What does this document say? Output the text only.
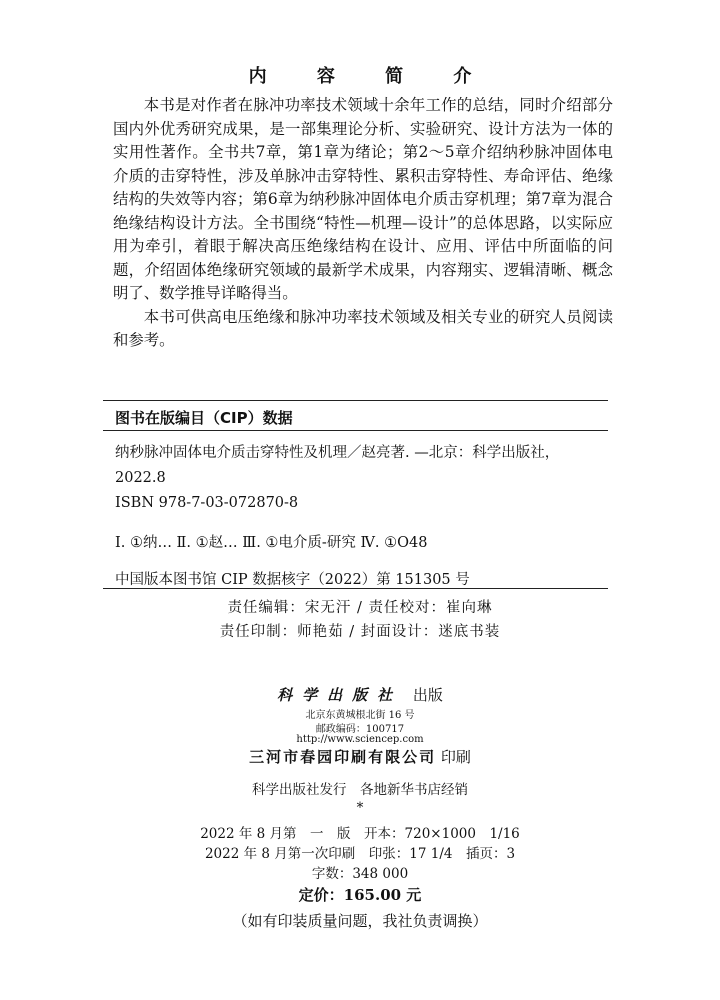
内 容 简 介

本书是对作者在脉冲功率技术领域十余年工作的总结，同时介绍部分国内外优秀研究成果，是一部集理论分析、实验研究、设计方法为一体的实用性著作。全书共7章，第1章为绪论；第2～5章介绍纳秒脉冲固体电介质的击穿特性，涉及单脉冲击穿特性、累积击穿特性、寿命评估、绝缘结构的失效等内容；第6章为纳秒脉冲固体电介质击穿机理；第7章为混合绝缘结构设计方法。全书围绕“特性—机理—设计”的总体思路，以实际应用为牵引，着眼于解决高压绝缘结构在设计、应用、评估中所面临的问题，介绍固体绝缘研究领域的最新学术成果，内容翔实、逻辑清晰、概念明了、数学推导详略得当。

本书可供高电压绝缘和脉冲功率技术领域及相关专业的研究人员阅读和参考。

图书在版编目（CIP）数据
纳秒脉冲固体电介质击穿特性及机理／赵亮著. —北京：科学出版社，2022.8
ISBN 978-7-03-072870-8
Ⅰ. ①纳… Ⅱ. ①赵… Ⅲ. ①电介质-研究 Ⅳ. ①O48
中国版本图书馆 CIP 数据核字（2022）第 151305 号
责任编辑：宋无汗 / 责任校对：崔向琳
责任印制：师艳茹 / 封面设计：迷底书装
科学出版社 出版
北京东黄城根北街 16 号
邮政编码：100717
http://www.sciencep.com
三河市春园印刷有限公司 印刷
科学出版社发行　各地新华书店经销
*
2022 年 8 月第　一　版　开本：720×1000　1/16
2022 年 8 月第一次印刷　印张：17 1/4　插页：3
字数：348 000
定价：165.00 元
（如有印装质量问题，我社负责调换）
